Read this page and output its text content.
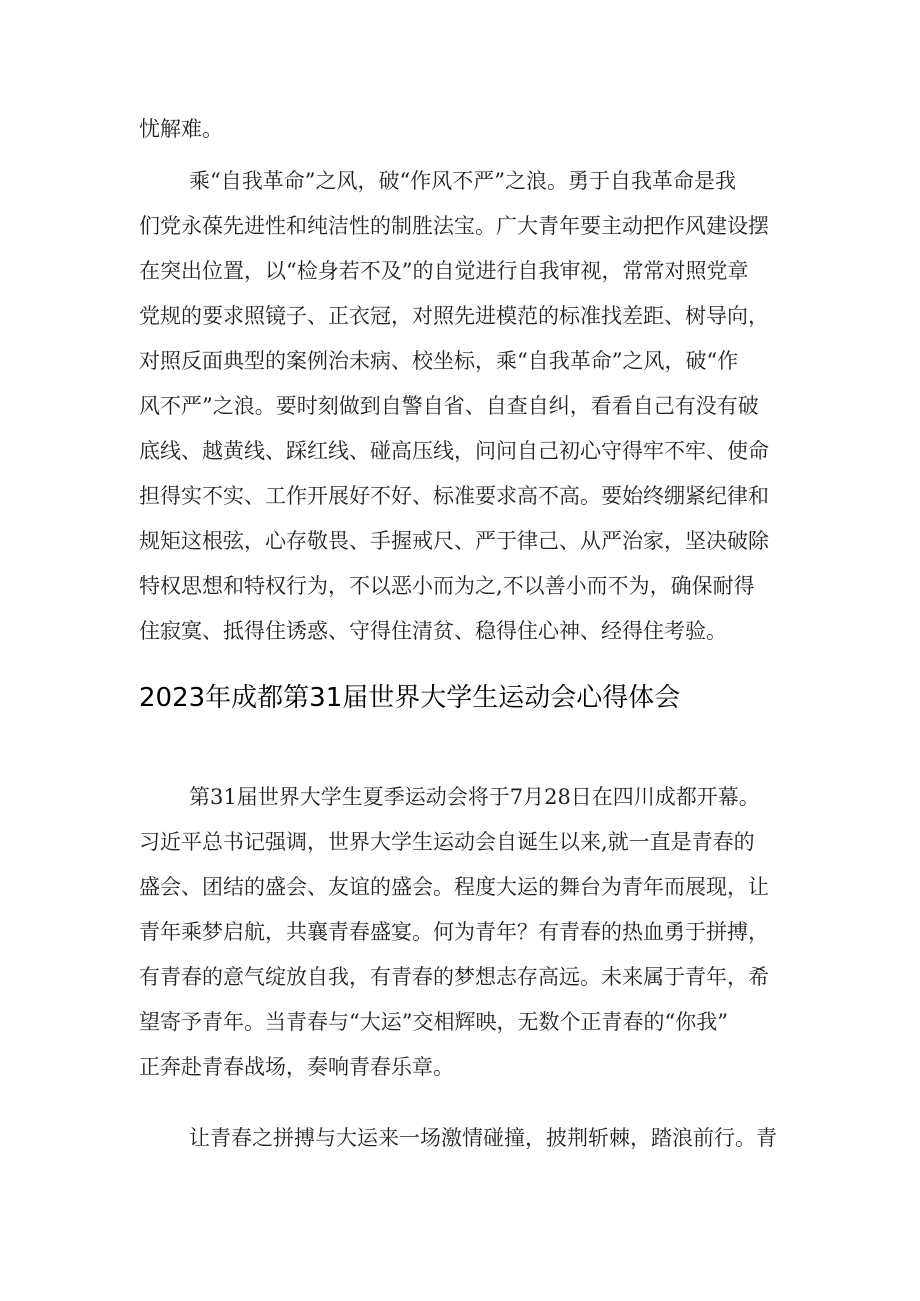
忧解难。

乘“自我革命”之风，破“作风不严”之浪。勇于自我革命是我

们党永葆先进性和纯洁性的制胜法宝。广大青年要主动把作风建设摆

在突出位置，以“检身若不及”的自觉进行自我审视，常常对照党章

党规的要求照镜子、正衣冠，对照先进模范的标准找差距、树导向，

对照反面典型的案例治未病、校坐标，乘“自我革命”之风，破“作

风不严”之浪。要时刻做到自警自省、自查自纠，看看自己有没有破

底线、越黄线、踩红线、碰高压线，问问自己初心守得牢不牢、使命

担得实不实、工作开展好不好、标准要求高不高。要始终绷紧纪律和

规矩这根弦，心存敬畏、手握戒尺、严于律己、从严治家，坚决破除

特权思想和特权行为，不以恶小而为之,不以善小而不为，确保耐得

住寂寞、抵得住诱惑、守得住清贫、稳得住心神、经得住考验。

2023年成都第31届世界大学生运动会心得体会

第31届世界大学生夏季运动会将于7月28日在四川成都开幕。

习近平总书记强调，世界大学生运动会自诞生以来,就一直是青春的

盛会、团结的盛会、友谊的盛会。程度大运的舞台为青年而展现，让

青年乘梦启航，共襄青春盛宴。何为青年？有青春的热血勇于拼搏，

有青春的意气绽放自我，有青春的梦想志存高远。未来属于青年，希

望寄予青年。当青春与“大运”交相辉映，无数个正青春的“你我”

正奔赴青春战场，奏响青春乐章。

让青春之拼搏与大运来一场激情碰撞，披荆斩棘，踏浪前行。青
